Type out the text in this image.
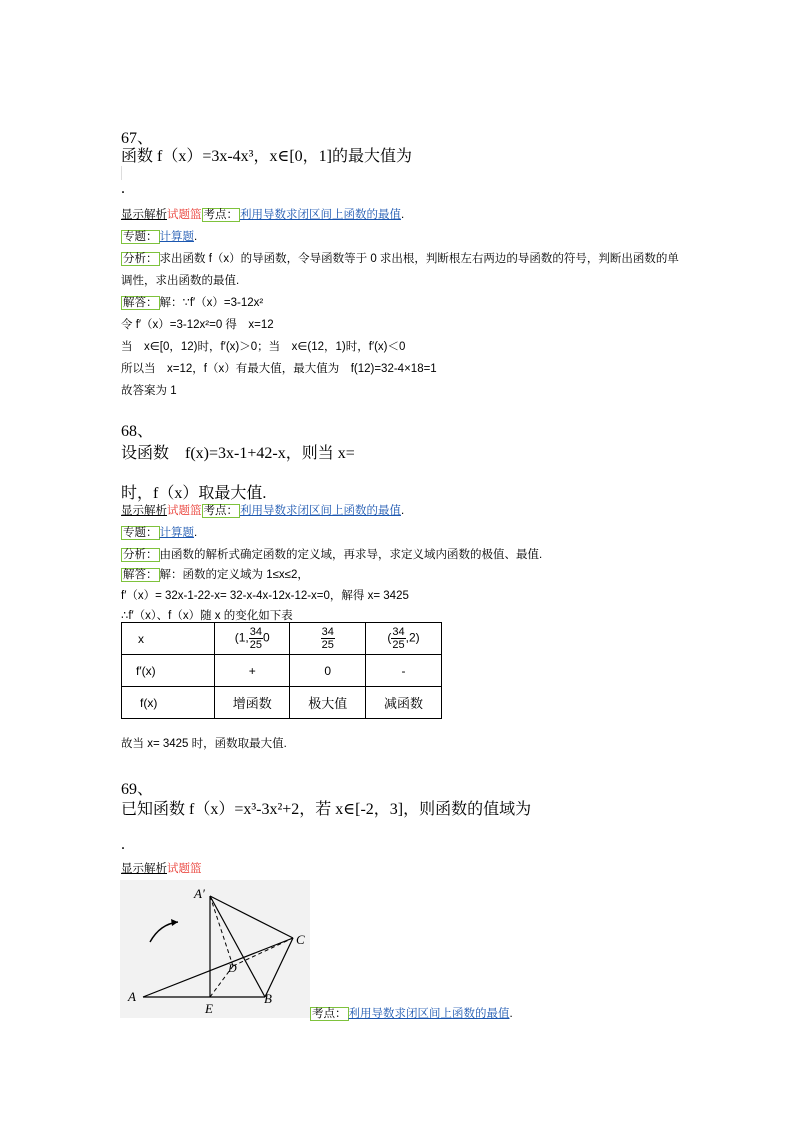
67、
函数 f（x）=3x-4x³，x∈[0，1]的最大值为
.
显示解析试题篮 考点： 利用导数求闭区间上函数的最值.
专题： 计算题.
分析： 求出函数 f（x）的导函数，令导函数等于 0 求出根，判断根左右两边的导函数的符号，判断出函数的单
调性，求出函数的最值.
解答： 解：∵f′（x）=3-12x²
令 f′（x）=3-12x²=0 得　x=12
当　x∈[0，12)时，f′(x)＞0；当　x∈(12，1)时，f′(x)＜0
所以当　x=12，f（x）有最大值，最大值为　f(12)=32-4×18=1
故答案为 1
68、
设函数　f(x)=3x-1+42-x，则当 x=
时，f（x）取最大值.
显示解析试题篮 考点： 利用导数求闭区间上函数的最值.
专题： 计算题.
分析： 由函数的解析式确定函数的定义域，再求导，求定义域内函数的极值、最值.
解答： 解：函数的定义域为 1≤x≤2，
f′（x）= 32x-1-22-x= 32-x-4x-12x-12-x=0，解得 x= 3425
∴f′（x）、f（x）随 x 的变化如下表
x	(1, $\frac{34}{25} 0$	$\frac{34}{25}$	( $\frac{34}{25} ,2$)
f′(x)	+	0	-
f(x)	增函数	极大值	减函数
故当 x= 3425 时，函数取最大值.
69、
已知函数 f（x）=x³-3x²+2，若 x∈[-2，3]，则函数的值域为
.
显示解析试题篮
A′
C
D
A
E
B
考点： 利用导数求闭区间上函数的最值.
